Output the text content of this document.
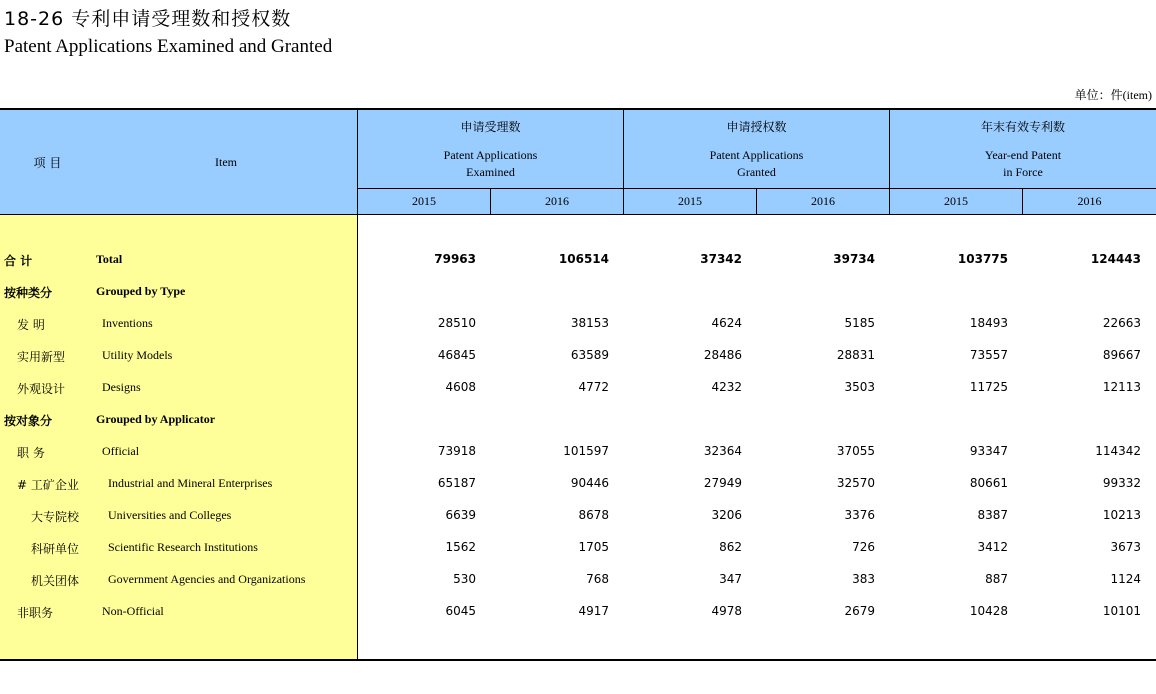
18-26 专利申请受理数和授权数
Patent Applications Examined and Granted
单位：件(item)
项 目	Item
申请受理数
Patent Applications
Examined
申请授权数
Patent Applications
Granted
年末有效专利数
Year-end Patent
in Force
2015	2016	2015	2016	2015	2016
合 计	Total	79963	106514	37342	39734	103775	124443
按种类分	Grouped by Type
发 明	Inventions	28510	38153	4624	5185	18493	22663
实用新型	Utility Models	46845	63589	28486	28831	73557	89667
外观设计	Designs	4608	4772	4232	3503	11725	12113
按对象分	Grouped by Applicator
职 务	Official	73918	101597	32364	37055	93347	114342
# 工矿企业 Industrial and Mineral Enterprises	65187	90446	27949	32570	80661	99332
大专院校 Universities and Colleges	6639	8678	3206	3376	8387	10213
科研单位 Scientific Research Institutions	1562	1705	862	726	3412	3673
机关团体 Government Agencies and Organizations	530	768	347	383	887	1124
非职务	Non-Official	6045	4917	4978	2679	10428	10101
